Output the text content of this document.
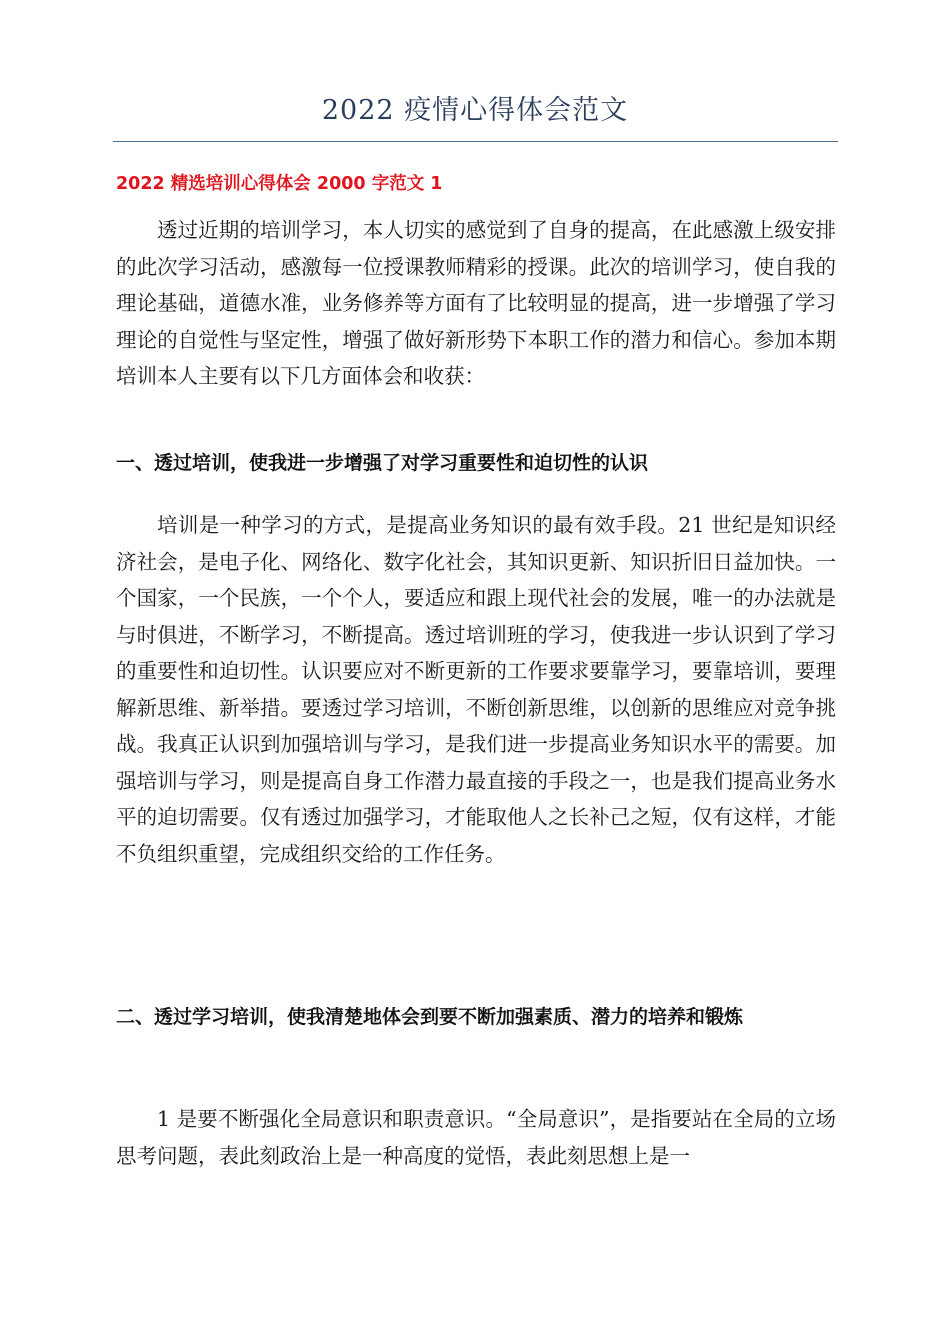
2022 疫情心得体会范文
2022 精选培训心得体会 2000 字范文 1
透过近期的培训学习，本人切实的感觉到了自身的提高，在此感激上级安排的此次学习活动，感激每一位授课教师精彩的授课。此次的培训学习，使自我的理论基础，道德水准，业务修养等方面有了比较明显的提高，进一步增强了学习理论的自觉性与坚定性，增强了做好新形势下本职工作的潜力和信心。参加本期培训本人主要有以下几方面体会和收获：
一、透过培训，使我进一步增强了对学习重要性和迫切性的认识
培训是一种学习的方式，是提高业务知识的最有效手段。21 世纪是知识经济社会，是电子化、网络化、数字化社会，其知识更新、知识折旧日益加快。一个国家，一个民族，一个个人，要适应和跟上现代社会的发展，唯一的办法就是与时俱进，不断学习，不断提高。透过培训班的学习，使我进一步认识到了学习的重要性和迫切性。认识要应对不断更新的工作要求要靠学习，要靠培训，要理解新思维、新举措。要透过学习培训，不断创新思维，以创新的思维应对竞争挑战。我真正认识到加强培训与学习，是我们进一步提高业务知识水平的需要。加强培训与学习，则是提高自身工作潜力最直接的手段之一，也是我们提高业务水平的迫切需要。仅有透过加强学习，才能取他人之长补己之短，仅有这样，才能不负组织重望，完成组织交给的工作任务。
二、透过学习培训，使我清楚地体会到要不断加强素质、潜力的培养和锻炼
1 是要不断强化全局意识和职责意识。“全局意识”，是指要站在全局的立场思考问题，表此刻政治上是一种高度的觉悟，表此刻思想上是一
